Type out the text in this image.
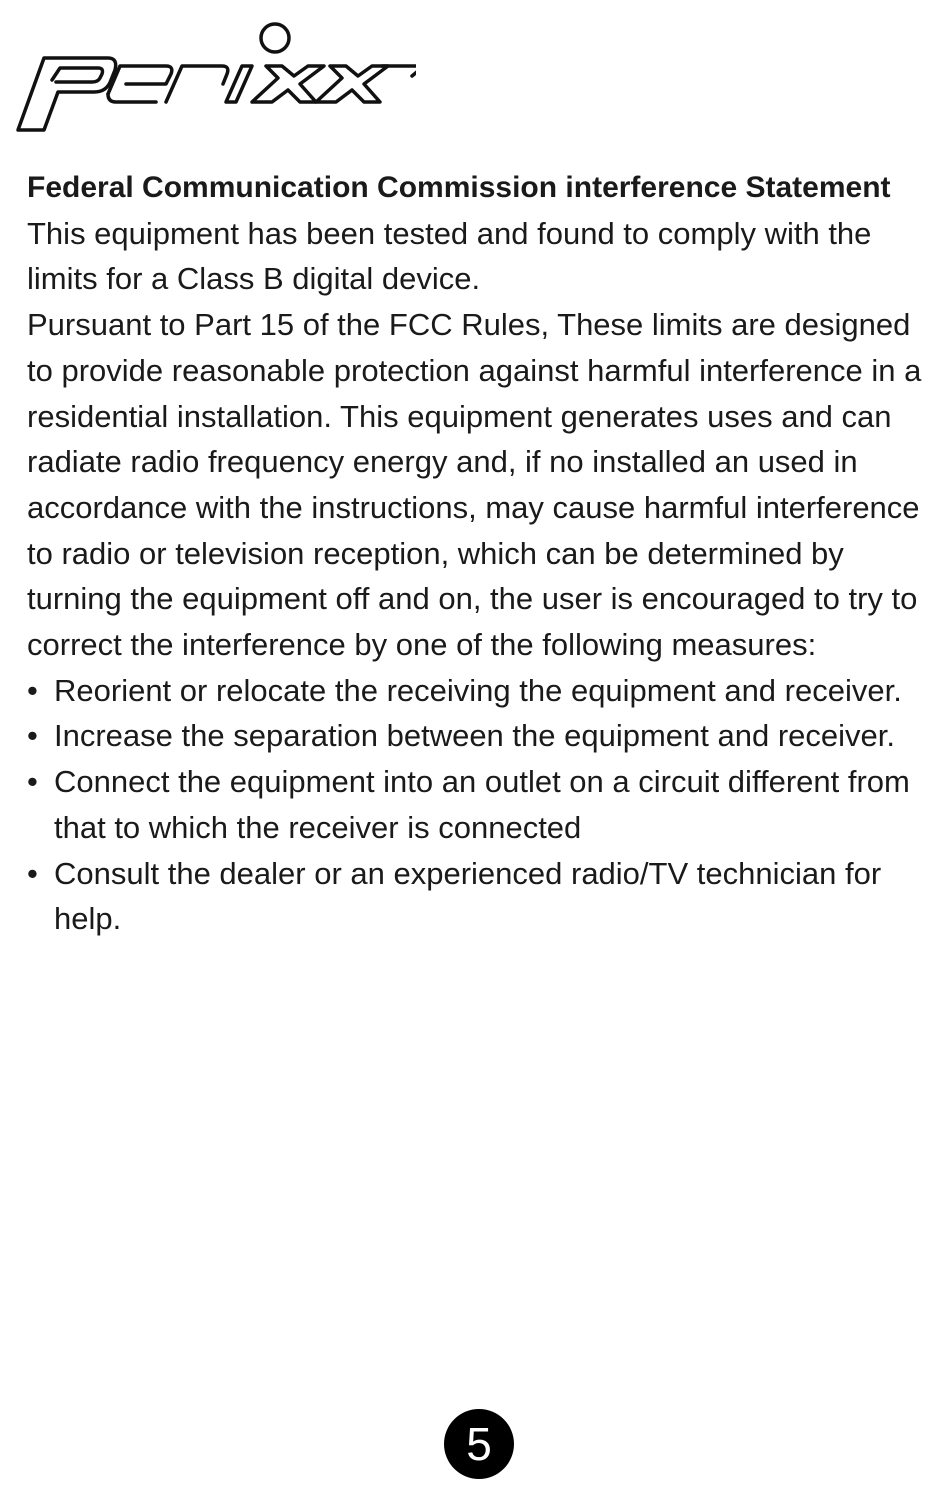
Federal Communication Commission interference Statement

This equipment has been tested and found to comply with the limits for a Class B digital device.

Pursuant to Part 15 of the FCC Rules, These limits are designed to provide reasonable protection against harmful interference in a residential installation. This equipment generates uses and can radiate radio frequency energy and, if no installed an used in accordance with the instructions, may cause harmful interference to radio or television reception, which can be determined by turning the equipment off and on, the user is encouraged to try to correct the interference by one of the following measures:

• Reorient or relocate the receiving the equipment and receiver.
• Increase the separation between the equipment and receiver.
• Connect the equipment into an outlet on a circuit different from that to which the receiver is connected
• Consult the dealer or an experienced radio/TV technician for help.
5
